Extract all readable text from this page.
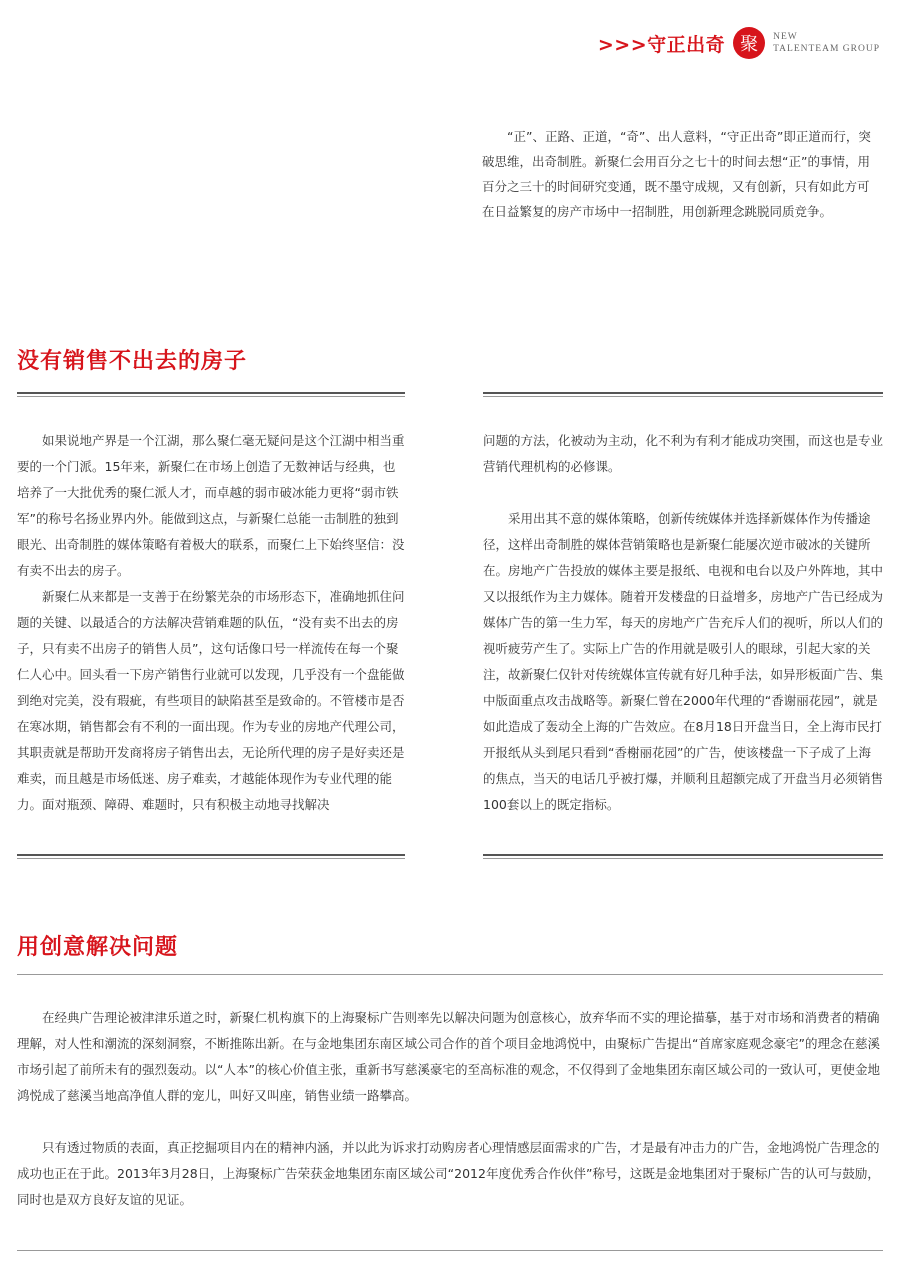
>>>守正出奇 聚	NEW
TALENTEAM GROUP

“正”、正路、正道，“奇”、出人意料，“守正出奇”即正道而行，突破思维，出奇制胜。新聚仁会用百分之七十的时间去想“正”的事情，用百分之三十的时间研究变通，既不墨守成规，又有创新，只有如此方可在日益繁复的房产市场中一招制胜，用创新理念跳脱同质竞争。

没有销售不出去的房子

如果说地产界是一个江湖，那么聚仁毫无疑问是这个江湖中相当重要的一个门派。15年来，新聚仁在市场上创造了无数神话与经典，也培养了一大批优秀的聚仁派人才，而卓越的弱市破冰能力更将“弱市铁军”的称号名扬业界内外。能做到这点，与新聚仁总能一击制胜的独到眼光、出奇制胜的媒体策略有着极大的联系，而聚仁上下始终坚信：没有卖不出去的房子。

新聚仁从来都是一支善于在纷繁芜杂的市场形态下，准确地抓住问题的关键、以最适合的方法解决营销难题的队伍，“没有卖不出去的房子，只有卖不出房子的销售人员”，这句话像口号一样流传在每一个聚仁人心中。回头看一下房产销售行业就可以发现，几乎没有一个盘能做到绝对完美，没有瑕疵，有些项目的缺陷甚至是致命的。不管楼市是否在寒冰期，销售都会有不利的一面出现。作为专业的房地产代理公司，其职责就是帮助开发商将房子销售出去，无论所代理的房子是好卖还是难卖，而且越是市场低迷、房子难卖，才越能体现作为专业代理的能力。面对瓶颈、障碍、难题时，只有积极主动地寻找解决

问题的方法，化被动为主动，化不利为有利才能成功突围，而这也是专业营销代理机构的必修课。

采用出其不意的媒体策略，创新传统媒体并选择新媒体作为传播途径，这样出奇制胜的媒体营销策略也是新聚仁能屡次逆市破冰的关键所在。房地产广告投放的媒体主要是报纸、电视和电台以及户外阵地，其中又以报纸作为主力媒体。随着开发楼盘的日益增多，房地产广告已经成为媒体广告的第一生力军，每天的房地产广告充斥人们的视听，所以人们的视听疲劳产生了。实际上广告的作用就是吸引人的眼球，引起大家的关注，故新聚仁仅针对传统媒体宣传就有好几种手法，如异形板面广告、集中版面重点攻击战略等。新聚仁曾在2000年代理的“香谢丽花园”，就是如此造成了轰动全上海的广告效应。在8月18日开盘当日，全上海市民打开报纸从头到尾只看到“香榭丽花园”的广告，使该楼盘一下子成了上海的焦点，当天的电话几乎被打爆，并顺利且超额完成了开盘当月必须销售100套以上的既定指标。

用创意解决问题

在经典广告理论被津津乐道之时，新聚仁机构旗下的上海聚标广告则率先以解决问题为创意核心，放弃华而不实的理论描摹，基于对市场和消费者的精确理解，对人性和潮流的深刻洞察，不断推陈出新。在与金地集团东南区域公司合作的首个项目金地鸿悦中，由聚标广告提出“首席家庭观念豪宅”的理念在慈溪市场引起了前所未有的强烈轰动。以“人本”的核心价值主张，重新书写慈溪豪宅的至高标准的观念，不仅得到了金地集团东南区域公司的一致认可，更使金地鸿悦成了慈溪当地高净值人群的宠儿，叫好又叫座，销售业绩一路攀高。

只有透过物质的表面，真正挖掘项目内在的精神内涵，并以此为诉求打动购房者心理情感层面需求的广告，才是最有冲击力的广告，金地鸿悦广告理念的成功也正在于此。2013年3月28日，上海聚标广告荣获金地集团东南区域公司“2012年度优秀合作伙伴”称号，这既是金地集团对于聚标广告的认可与鼓励，同时也是双方良好友谊的见证。
